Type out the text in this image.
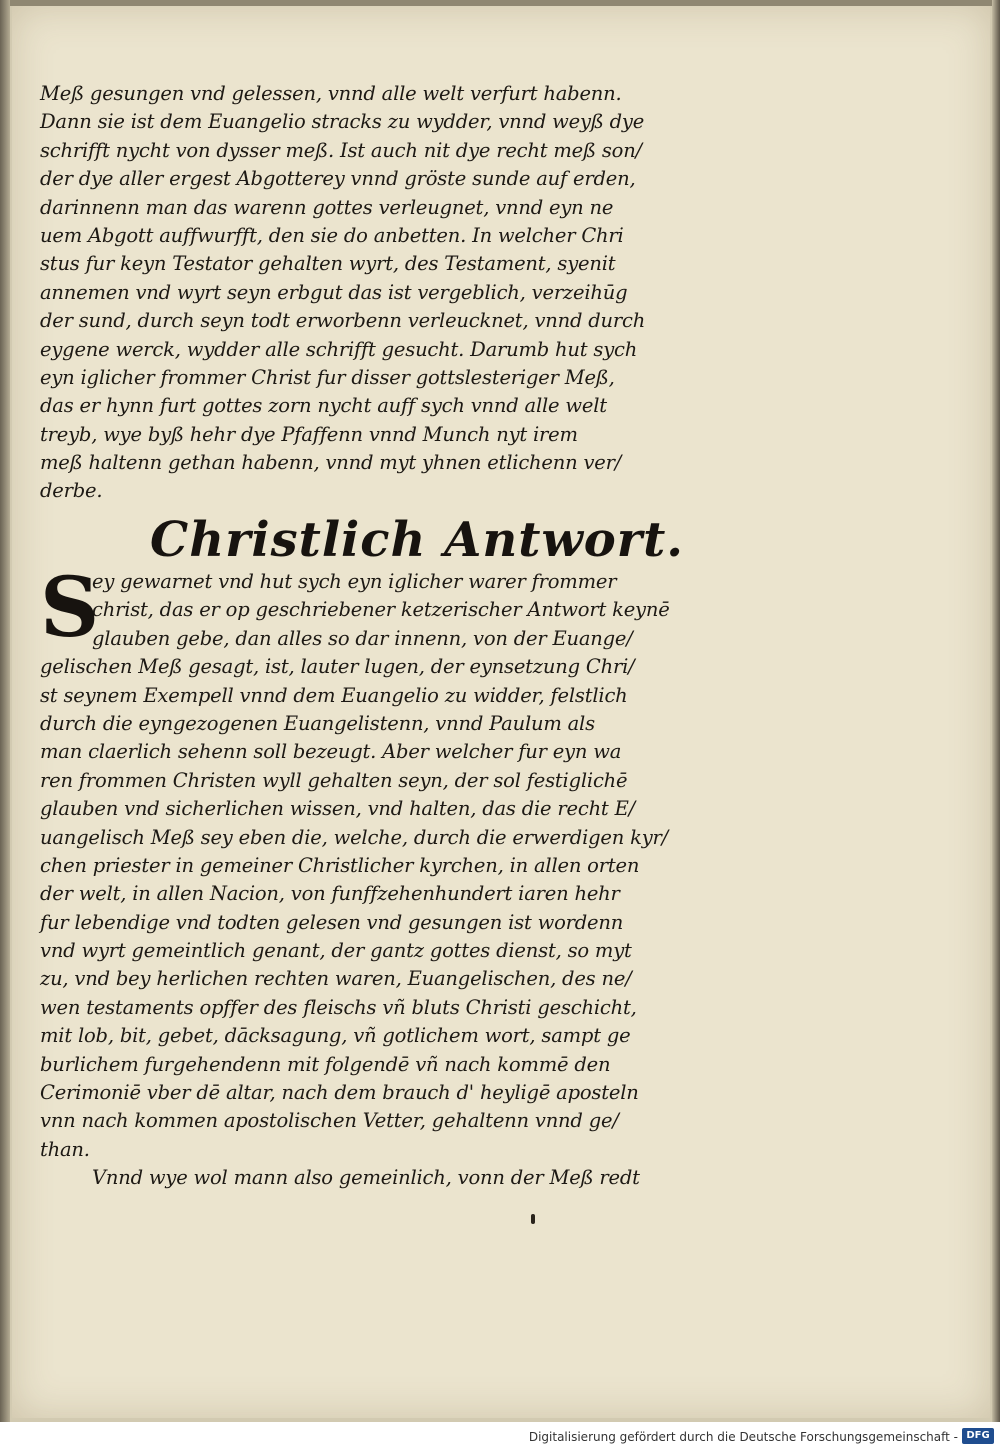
Meß gesungen vnd gelessen, vnnd alle welt verfurt habenn.
Dann sie ist dem Euangelio stracks zu wydder, vnnd weyß dye
schrifft nycht von dysser meß. Ist auch nit dye recht meß son/
der dye aller ergest Abgotterey vnnd gröste sunde auf erden,
darinnenn man das warenn gottes verleugnet, vnnd eyn ne
uem Abgott auffwurfft, den sie do anbetten. In welcher Chri
stus fur keyn Testator gehalten wyrt, des Testament, syenit
annemen vnd wyrt seyn erbgut das ist vergeblich, verzeihūg
der sund, durch seyn todt erworbenn verleucknet, vnnd durch
eygene werck, wydder alle schrifft gesucht. Darumb hut sych
eyn iglicher frommer Christ fur disser gottslesteriger Meß,
das er hynn furt gottes zorn nycht auff sych vnnd alle welt
treyb, wye byß hehr dye Pfaffenn vnnd Munch nyt irem
meß haltenn gethan habenn, vnnd myt yhnen etlichenn ver/
derbe.
Christlich Antwort.
S
ey gewarnet vnd hut sych eyn iglicher warer frommer
christ, das er op geschriebener ketzerischer Antwort keynē
glauben gebe, dan alles so dar innenn, von der Euange/
gelischen Meß gesagt, ist, lauter lugen, der eynsetzung Chri/
st seynem Exempell vnnd dem Euangelio zu widder, felstlich
durch die eyngezogenen Euangelistenn, vnnd Paulum als
man claerlich sehenn soll bezeugt. Aber welcher fur eyn wa
ren frommen Christen wyll gehalten seyn, der sol festiglichē
glauben vnd sicherlichen wissen, vnd halten, das die recht E/
uangelisch Meß sey eben die, welche, durch die erwerdigen kyr/
chen priester in gemeiner Christlicher kyrchen, in allen orten
der welt, in allen Nacion, von funffzehenhundert iaren hehr
fur lebendige vnd todten gelesen vnd gesungen ist wordenn
vnd wyrt gemeintlich genant, der gantz gottes dienst, so myt
zu, vnd bey herlichen rechten waren, Euangelischen, des ne/
wen testaments opffer des fleischs vñ bluts Christi geschicht,
mit lob, bit, gebet, dācksagung, vñ gotlichem wort, sampt ge
burlichem furgehendenn mit folgendē vñ nach kommē den
Cerimoniē vber dē altar, nach dem brauch d' heyligē aposteln
vnn nach kommen apostolischen Vetter, gehaltenn vnnd ge/
than.
Vnnd wye wol mann also gemeinlich, vonn der Meß redt
Digitalisierung gefördert durch die Deutsche Forschungsgemeinschaft - DFG
